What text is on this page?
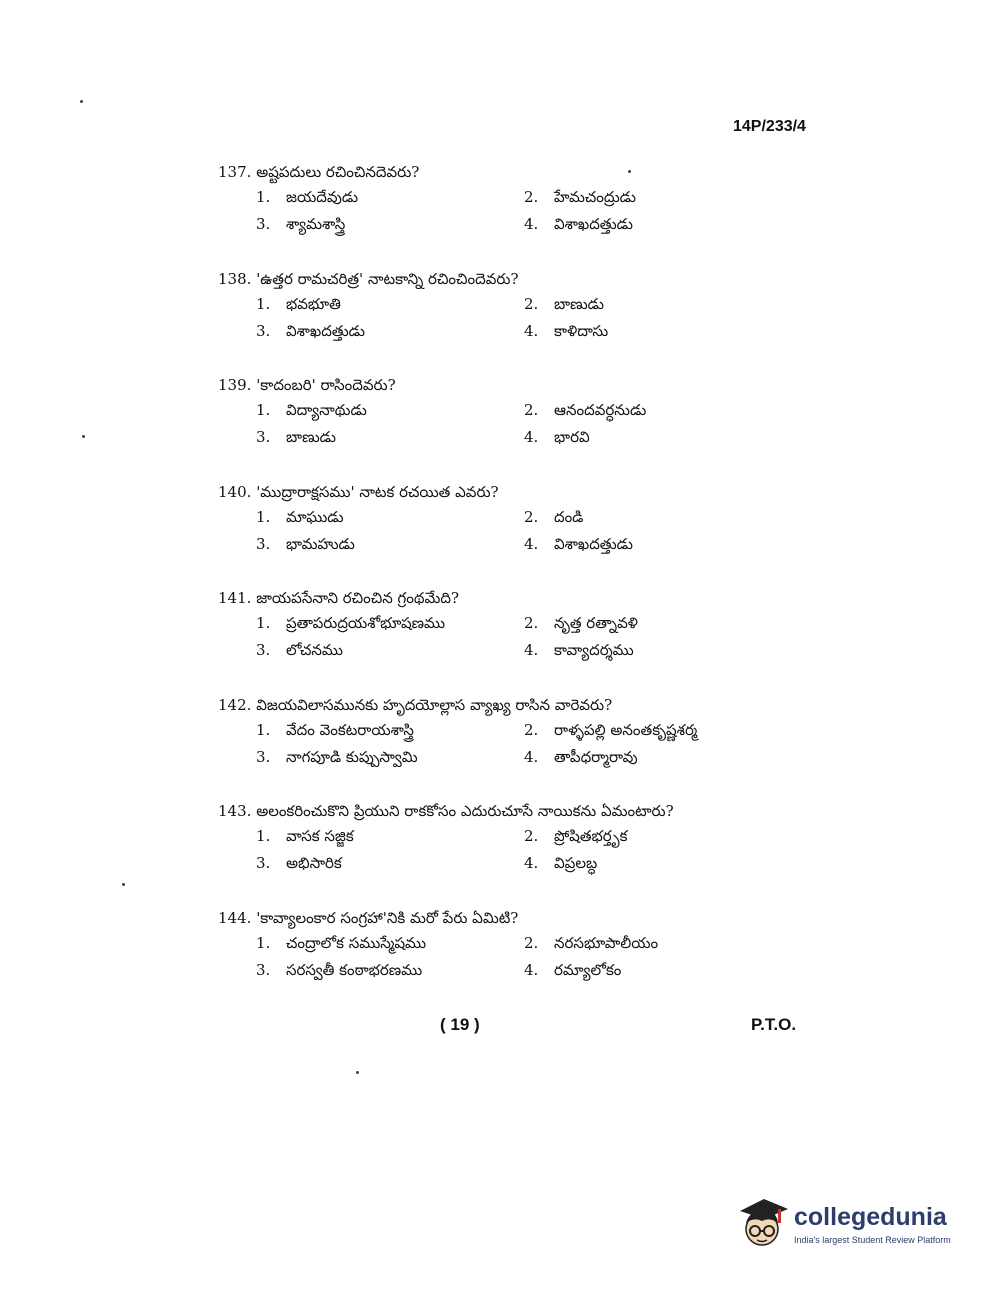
14P/233/4
137. అష్టపదులు రచించినదెవరు?
1. జయదేవుడు	2. హేమచంద్రుడు
3. శ్యామశాస్త్రి	4. విశాఖదత్తుడు
138. 'ఉత్తర రామచరిత్ర' నాటకాన్ని రచించిందెవరు?
1. భవభూతి	2. బాణుడు
3. విశాఖదత్తుడు	4. కాళిదాసు
139. 'కాదంబరి' రాసిందెవరు?
1. విద్యానాథుడు	2. ఆనందవర్ధనుడు
3. బాణుడు	4. భారవి
140. 'ముద్రారాక్షసము' నాటక రచయిత ఎవరు?
1. మాఘుడు	2. దండి
3. భామహుడు	4. విశాఖదత్తుడు
141. జాయపసేనాని రచించిన గ్రంథమేది?
1. ప్రతాపరుద్రయశోభూషణము	2. నృత్త రత్నావళి
3. లోచనము	4. కావ్యాదర్శము
142. విజయవిలాసమునకు హృదయోల్లాస వ్యాఖ్య రాసిన వారెవరు?
1. వేదం వెంకటరాయశాస్త్రి	2. రాళ్ళపల్లి అనంతకృష్ణశర్మ
3. నాగపూడి కుప్పుస్వామి	4. తాపీధర్మారావు
143. అలంకరించుకొని ప్రియుని రాకకోసం ఎదురుచూసే నాయికను ఏమంటారు?
1. వాసక సజ్జిక	2. ప్రోషితభర్తృక
3. అభిసారిక	4. విప్రలబ్ధ
144. 'కావ్యాలంకార సంగ్రహా'నికి మరో పేరు ఏమిటి?
1. చంద్రాలోక సముస్మేషము	2. నరసభూపాలీయం
3. సరస్వతీ కంఠాభరణము	4. రమ్యాలోకం
( 19 )	P.T.O.
collegedunia
India's largest Student Review Platform
